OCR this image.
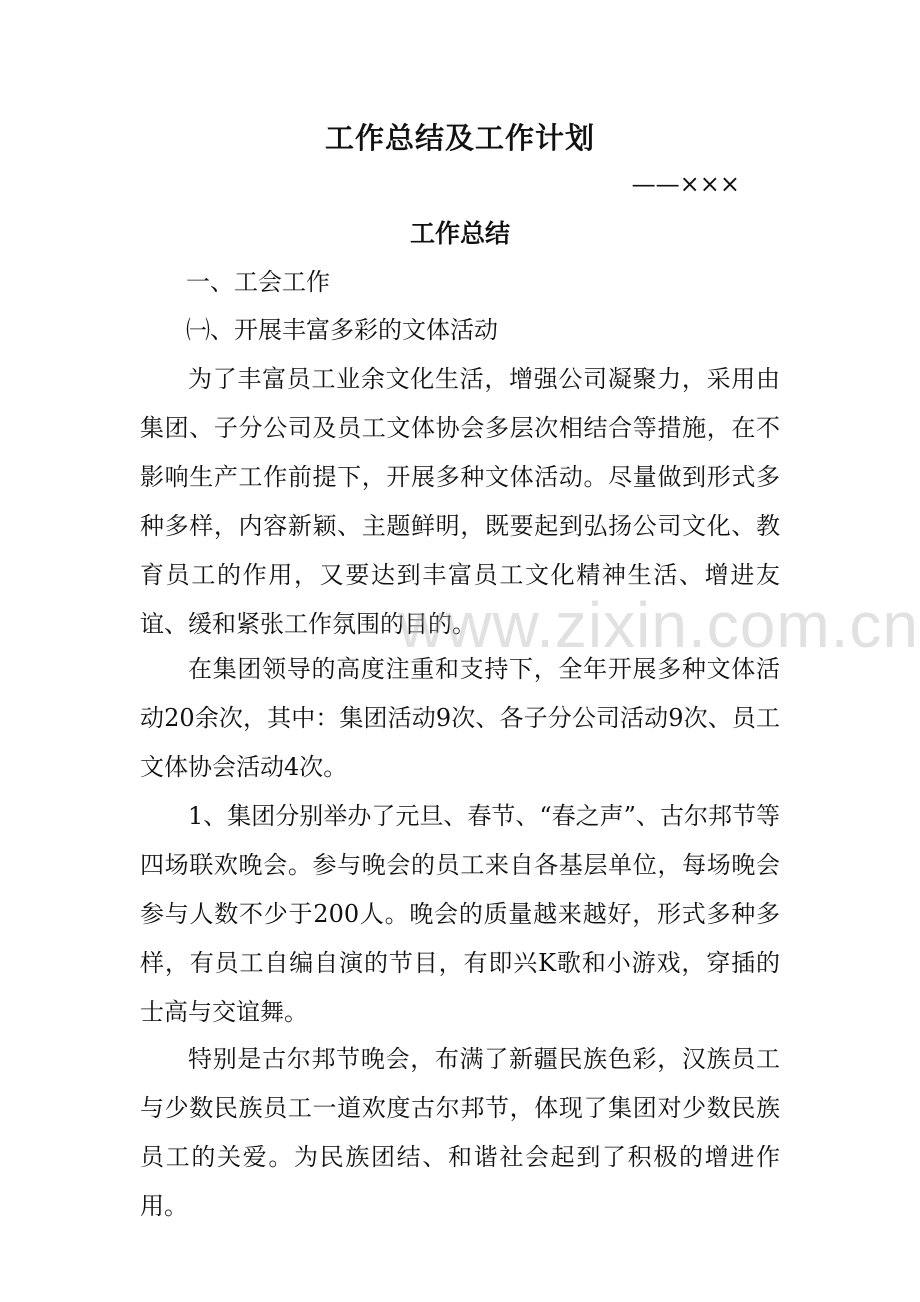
工作总结及工作计划
——×××
工作总结
一、工会工作
㈠、开展丰富多彩的文体活动

为了丰富员工业余文化生活，增强公司凝聚力，采用由集团、子分公司及员工文体协会多层次相结合等措施，在不影响生产工作前提下，开展多种文体活动。尽量做到形式多种多样，内容新颖、主题鲜明，既要起到弘扬公司文化、教育员工的作用，又要达到丰富员工文化精神生活、增进友谊、缓和紧张工作氛围的目的。

在集团领导的高度注重和支持下，全年开展多种文体活动20余次，其中：集团活动9次、各子分公司活动9次、员工文体协会活动4次。

1、集团分别举办了元旦、春节、“春之声”、古尔邦节等四场联欢晚会。参与晚会的员工来自各基层单位，每场晚会参与人数不少于200人。晚会的质量越来越好，形式多种多样，有员工自编自演的节目，有即兴K歌和小游戏，穿插的士高与交谊舞。

特别是古尔邦节晚会，布满了新疆民族色彩，汉族员工与少数民族员工一道欢度古尔邦节，体现了集团对少数民族员工的关爱。为民族团结、和谐社会起到了积极的增进作用。

www.zixin.com.cn
